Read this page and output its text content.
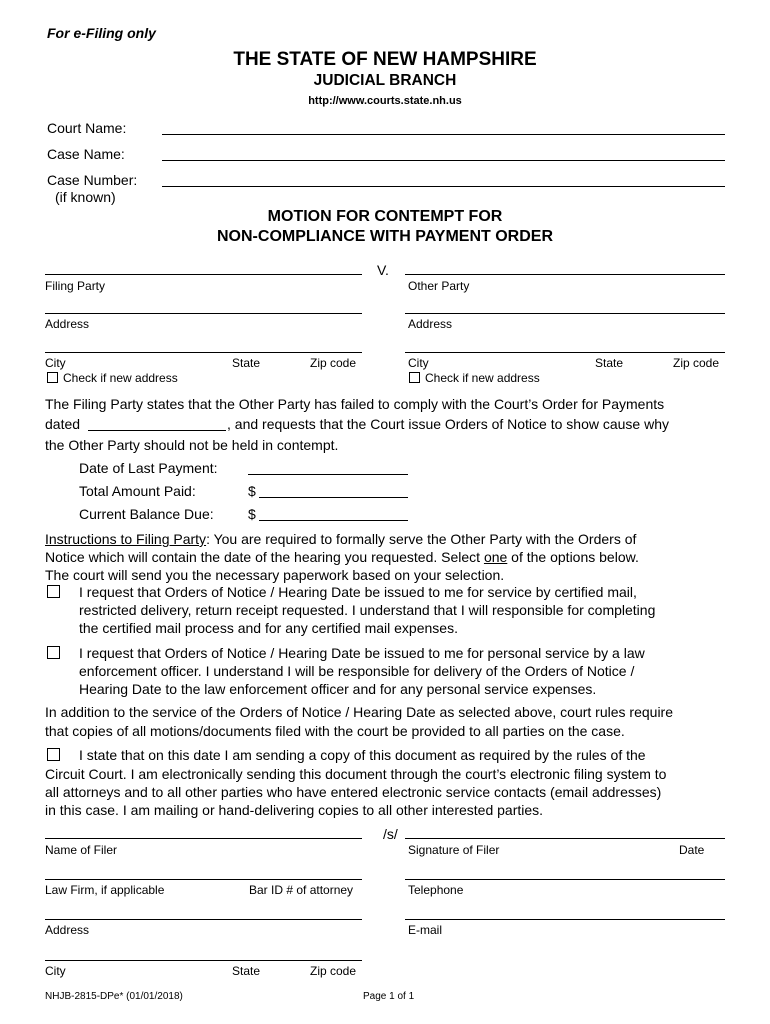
For e-Filing only
THE STATE OF NEW HAMPSHIRE
JUDICIAL BRANCH
http://www.courts.state.nh.us
Court Name:
Case Name:
Case Number:
(if known)
MOTION FOR CONTEMPT FOR
NON-COMPLIANCE WITH PAYMENT ORDER
V.
Filing Party	Other Party
Address	Address
City	State	Zip code	City	State	Zip code
Check if new address	Check if new address
The Filing Party states that the Other Party has failed to comply with the Court’s Order for Payments
dated	, and requests that the Court issue Orders of Notice to show cause why
the Other Party should not be held in contempt.
Date of Last Payment:
Total Amount Paid:	$
Current Balance Due: $
Instructions to Filing Party: You are required to formally serve the Other Party with the Orders of
Notice which will contain the date of the hearing you requested. Select one of the options below.
The court will send you the necessary paperwork based on your selection.
I request that Orders of Notice / Hearing Date be issued to me for service by certified mail,
restricted delivery, return receipt requested. I understand that I will responsible for completing
the certified mail process and for any certified mail expenses.
I request that Orders of Notice / Hearing Date be issued to me for personal service by a law
enforcement officer. I understand I will be responsible for delivery of the Orders of Notice /
Hearing Date to the law enforcement officer and for any personal service expenses.
In addition to the service of the Orders of Notice / Hearing Date as selected above, court rules require
that copies of all motions/documents filed with the court be provided to all parties on the case.
I state that on this date I am sending a copy of this document as required by the rules of the
Circuit Court. I am electronically sending this document through the court’s electronic filing system to
all attorneys and to all other parties who have entered electronic service contacts (email addresses)
in this case. I am mailing or hand-delivering copies to all other interested parties.
/s/
Name of Filer	Signature of Filer	Date
Law Firm, if applicable	Bar ID # of attorney	Telephone
Address	E-mail
City	State	Zip code
NHJB-2815-DPe* (01/01/2018)	Page 1 of 1
